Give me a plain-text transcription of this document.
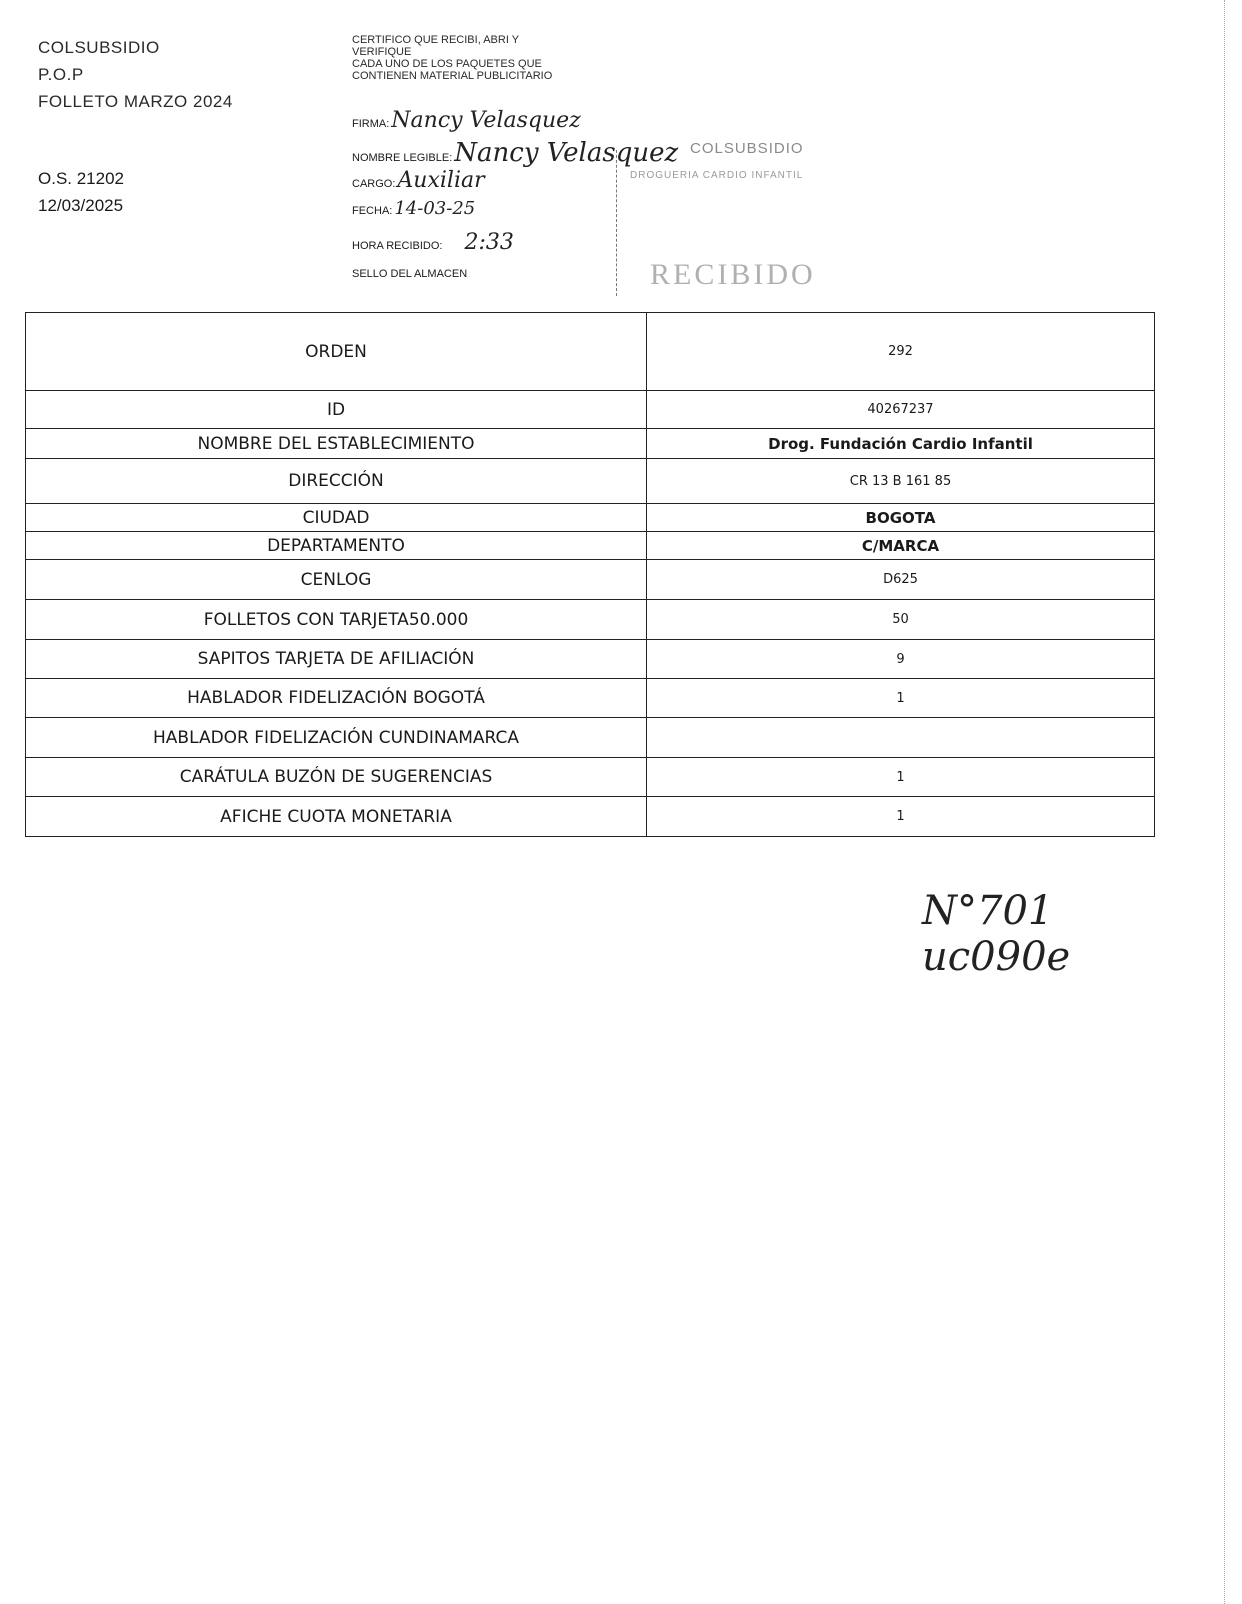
COLSUBSIDIO
P.O.P
FOLLETO MARZO 2024
O.S. 21202
12/03/2025
CERTIFICO QUE RECIBI, ABRI Y
VERIFIQUE
CADA UNO DE LOS PAQUETES QUE
CONTIENEN MATERIAL PUBLICITARIO
FIRMA:Nancy Velasquez
NOMBRE LEGIBLE:Nancy Velasquez
CARGO:Auxiliar
FECHA: 14-03-25
HORA RECIBIDO: 2:33
SELLO DEL ALMACEN
COLSUBSIDIO
DROGUERIA CARDIO INFANTIL
RECIBIDO
ORDEN	292
ID	40267237
NOMBRE DEL ESTABLECIMIENTO	Drog. Fundación Cardio Infantil
DIRECCIÓN	CR 13 B 161 85
CIUDAD	BOGOTA
DEPARTAMENTO	C/MARCA
CENLOG	D625
FOLLETOS CON TARJETA50.000	50
SAPITOS TARJETA DE AFILIACIÓN	9
HABLADOR FIDELIZACIÓN BOGOTÁ	1
HABLADOR FIDELIZACIÓN CUNDINAMARCA	
CARÁTULA BUZÓN DE SUGERENCIAS	1
AFICHE CUOTA MONETARIA	1
N°701
uc090e
